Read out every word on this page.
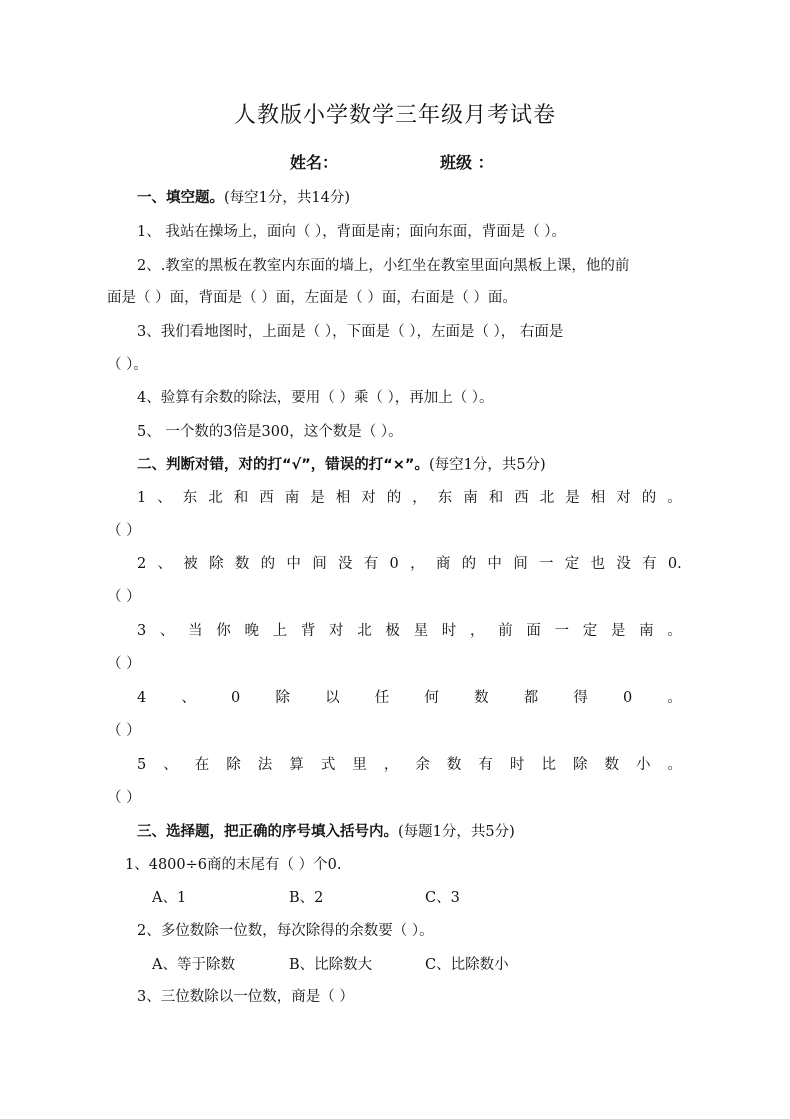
人教版小学数学三年级月考试卷
姓名：	班级 ：
一、填空题。(每空1分，共14分)
1、 我站在操场上，面向（ ），背面是南；面向东面，背面是（ ）。
2、.教室的黑板在教室内东面的墙上，小红坐在教室里面向黑板上课，他的前
面是（ ）面，背面是（ ）面，左面是（ ）面，右面是（ ）面。
3、我们看地图时，上面是（ ），下面是（ ），左面是（ ）， 右面是
（ ）。
4、验算有余数的除法，要用（ ）乘（ ），再加上（ ）。
5、 一个数的3倍是300，这个数是（ ）。
二、判断对错，对的打“√”，错误的打“×”。(每空1分，共5分)
1 、 东 北 和 西 南 是 相 对 的 ， 东 南 和 西 北 是 相 对 的 。
（ ）
2 、 被 除 数 的 中 间 没 有 0 ， 商 的 中 间 一 定 也 没 有 0.
（ ）
3 、 当 你 晚 上 背 对 北 极 星 时 ， 前 面 一 定 是 南 。
（ ）
4 、 0 除 以 任 何 数 都 得 0 。
（ ）
5 、 在 除 法 算 式 里 ， 余 数 有 时 比 除 数 小 。
（ ）
三、选择题，把正确的序号填入括号内。(每题1分，共5分)
1、4800÷6商的末尾有（ ）个0.
A、1	B、2	C、3
2、多位数除一位数，每次除得的余数要（ ）。
A、等于除数	B、比除数大	C、比除数小
3、三位数除以一位数，商是（ ）
